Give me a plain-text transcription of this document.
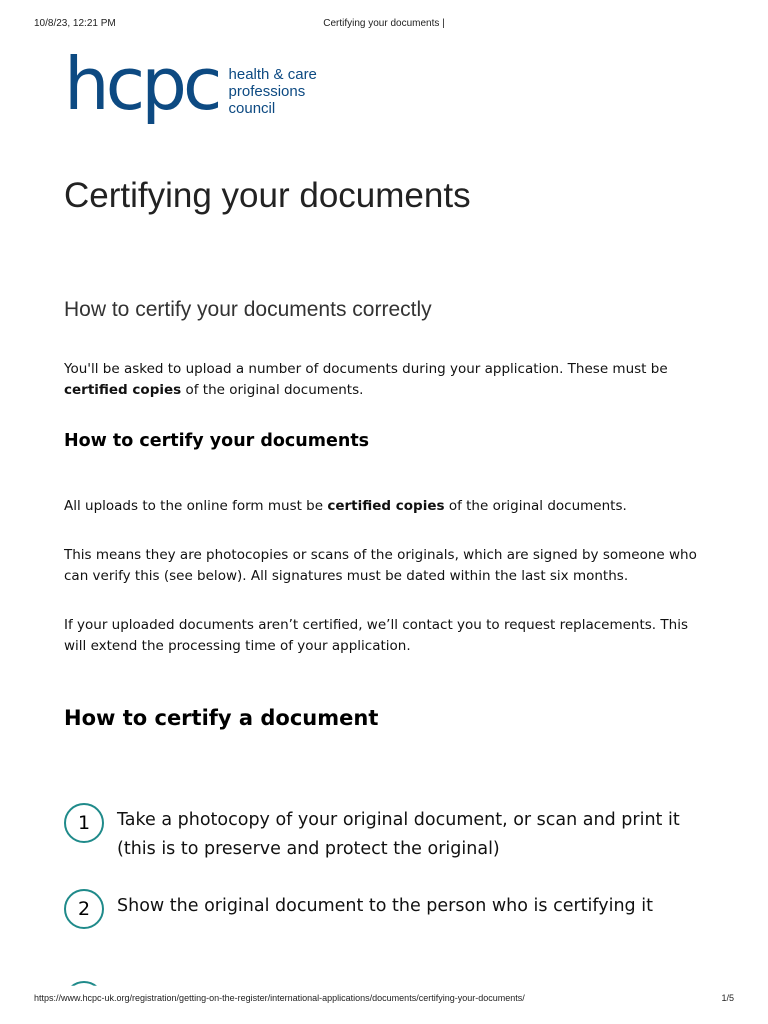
10/8/23, 12:21 PM	Certifying your documents |
hcpc health & care
professions
council
Certifying your documents
How to certify your documents correctly

You'll be asked to upload a number of documents during your application. These must be certified copies of the original documents.

How to certify your documents

All uploads to the online form must be certified copies of the original documents.

This means they are photocopies or scans of the originals, which are signed by someone who can verify this (see below). All signatures must be dated within the last six months.

If your uploaded documents aren’t certified, we’ll contact you to request replacements. This will extend the processing time of your application.

How to certify a document
1	Take a photocopy of your original document, or scan and print it (this is to preserve and protect the original)
2	Show the original document to the person who is certifying it
https://www.hcpc-uk.org/registration/getting-on-the-register/international-applications/documents/certifying-your-documents/	1/5
